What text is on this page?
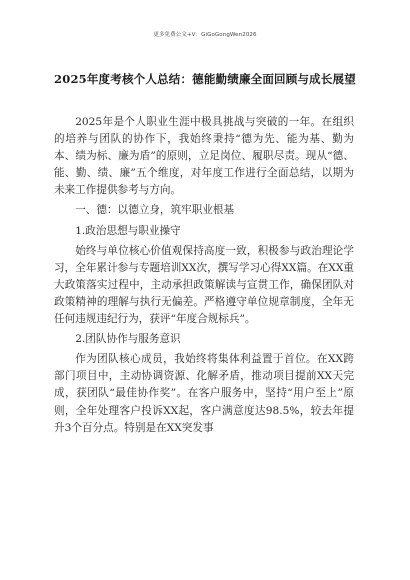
更多免费公文+V：GiGoGongWen2026
2025年度考核个人总结：德能勤绩廉全面回顾与成长展望

2025年是个人职业生涯中极具挑战与突破的一年。在组织的培养与团队的协作下，我始终秉持“德为先、能为基、勤为本、绩为标、廉为盾”的原则，立足岗位、履职尽责。现从“德、能、勤、绩、廉”五个维度，对年度工作进行全面总结，以期为未来工作提供参考与方向。

一、德：以德立身，筑牢职业根基

1.政治思想与职业操守

始终与单位核心价值观保持高度一致，积极参与政治理论学习，全年累计参与专题培训XX次，撰写学习心得XX篇。在XX重大政策落实过程中，主动承担政策解读与宣贯工作，确保团队对政策精神的理解与执行无偏差。严格遵守单位规章制度，全年无任何违规违纪行为，获评“年度合规标兵”。

2.团队协作与服务意识

作为团队核心成员，我始终将集体利益置于首位。在XX跨部门项目中，主动协调资源、化解矛盾，推动项目提前XX天完成，获团队“最佳协作奖”。在客户服务中，坚持“用户至上”原则，全年处理客户投诉XX起，客户满意度达98.5%，较去年提升3个百分点。特别是在XX突发事
